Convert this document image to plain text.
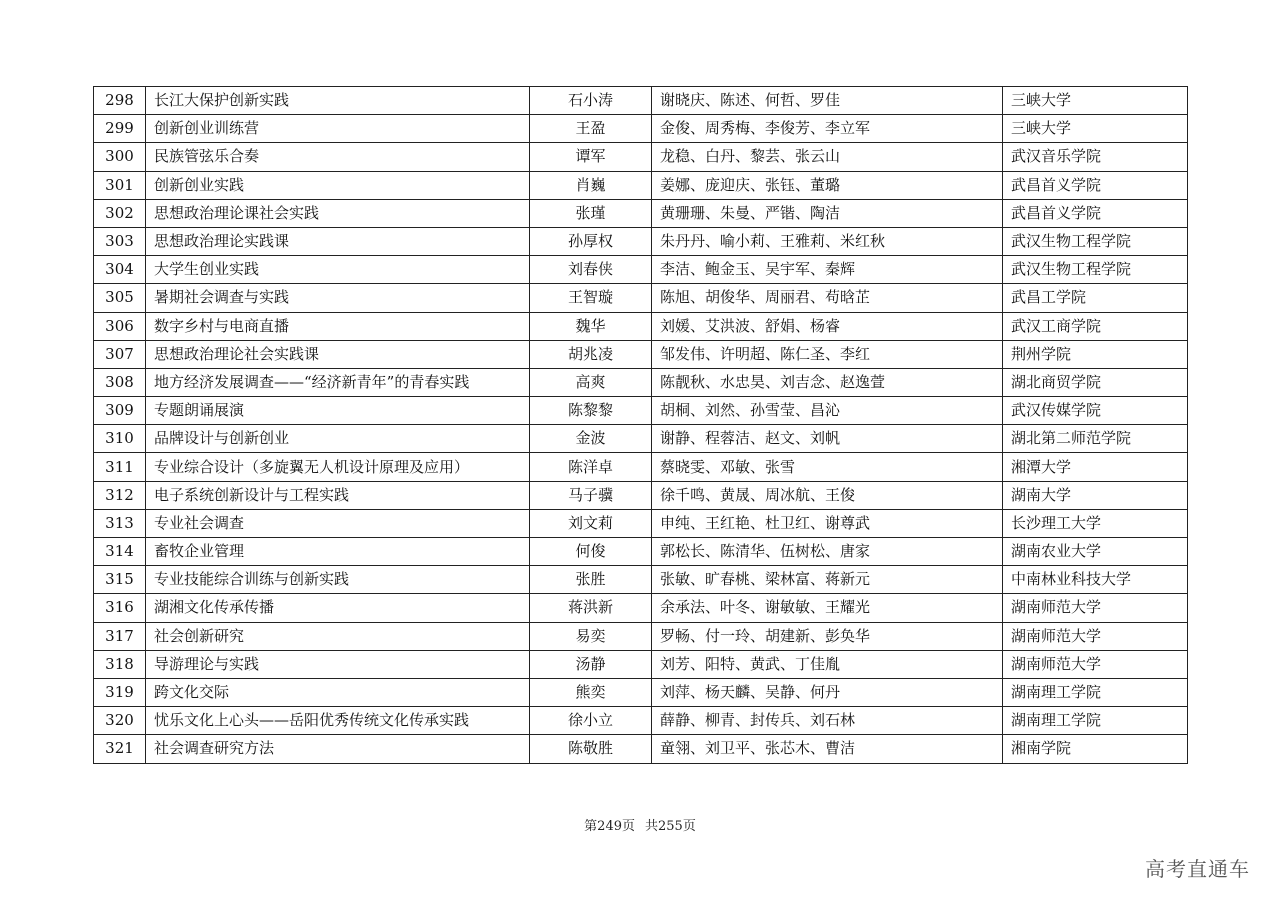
298	长江大保护创新实践	石小涛	谢晓庆、陈述、何哲、罗佳	三峡大学
299	创新创业训练营	王盈	金俊、周秀梅、李俊芳、李立军	三峡大学
300	民族管弦乐合奏	谭军	龙稳、白丹、黎芸、张云山	武汉音乐学院
301	创新创业实践	肖巍	姜娜、庞迎庆、张钰、董璐	武昌首义学院
302	思想政治理论课社会实践	张瑾	黄珊珊、朱曼、严锴、陶洁	武昌首义学院
303	思想政治理论实践课	孙厚权	朱丹丹、喻小莉、王雅莉、米红秋	武汉生物工程学院
304	大学生创业实践	刘春侠	李洁、鲍金玉、吴宇军、秦辉	武汉生物工程学院
305	暑期社会调查与实践	王智璇	陈旭、胡俊华、周丽君、苟晗芷	武昌工学院
306	数字乡村与电商直播	魏华	刘媛、艾洪波、舒娟、杨睿	武汉工商学院
307	思想政治理论社会实践课	胡兆凌	邹发伟、许明超、陈仁圣、李红	荆州学院
308	地方经济发展调查——“经济新青年”的青春实践	高爽	陈靓秋、水忠昊、刘吉念、赵逸萱	湖北商贸学院
309	专题朗诵展演	陈黎黎	胡桐、刘然、孙雪莹、昌沁	武汉传媒学院
310	品牌设计与创新创业	金波	谢静、程蓉洁、赵文、刘帆	湖北第二师范学院
311	专业综合设计（多旋翼无人机设计原理及应用）	陈洋卓	蔡晓雯、邓敏、张雪	湘潭大学
312	电子系统创新设计与工程实践	马子骥	徐千鸣、黄晟、周冰航、王俊	湖南大学
313	专业社会调查	刘文莉	申纯、王红艳、杜卫红、谢尊武	长沙理工大学
314	畜牧企业管理	何俊	郭松长、陈清华、伍树松、唐家	湖南农业大学
315	专业技能综合训练与创新实践	张胜	张敏、旷春桃、梁林富、蒋新元	中南林业科技大学
316	湖湘文化传承传播	蒋洪新	余承法、叶冬、谢敏敏、王耀光	湖南师范大学
317	社会创新研究	易奕	罗畅、付一玲、胡建新、彭奂华	湖南师范大学
318	导游理论与实践	汤静	刘芳、阳特、黄武、丁佳胤	湖南师范大学
319	跨文化交际	熊奕	刘萍、杨天麟、吴静、何丹	湖南理工学院
320	忧乐文化上心头——岳阳优秀传统文化传承实践	徐小立	薛静、柳青、封传兵、刘石林	湖南理工学院
321	社会调查研究方法	陈敬胜	童翎、刘卫平、张芯木、曹洁	湘南学院
第249页 共255页
高考直通车
